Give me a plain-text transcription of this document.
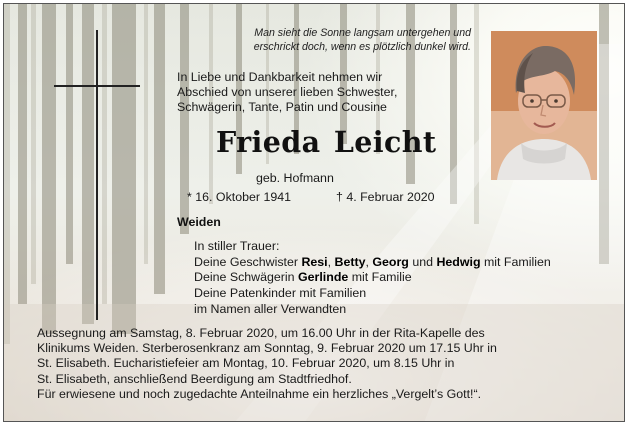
Man sieht die Sonne langsam untergehen und
erschrickt doch, wenn es plötzlich dunkel wird.
In Liebe und Dankbarkeit nehmen wir
Abschied von unserer lieben Schwester,
Schwägerin, Tante, Patin und Cousine
Frieda Leicht
geb. Hofmann
* 16. Oktober 1941	† 4. Februar 2020
Weiden
In stiller Trauer:
Deine Geschwister Resi, Betty, Georg und Hedwig mit Familien
Deine Schwägerin Gerlinde mit Familie
Deine Patenkinder mit Familien
im Namen aller Verwandten
Aussegnung am Samstag, 8. Februar 2020, um 16.00 Uhr in der Rita-Kapelle des
Klinikums Weiden. Sterberosenkranz am Sonntag, 9. Februar 2020 um 17.15 Uhr in
St. Elisabeth. Eucharistiefeier am Montag, 10. Februar 2020, um 8.15 Uhr in
St. Elisabeth, anschließend Beerdigung am Stadtfriedhof.
Für erwiesene und noch zugedachte Anteilnahme ein herzliches „Vergelt’s Gott!“.
